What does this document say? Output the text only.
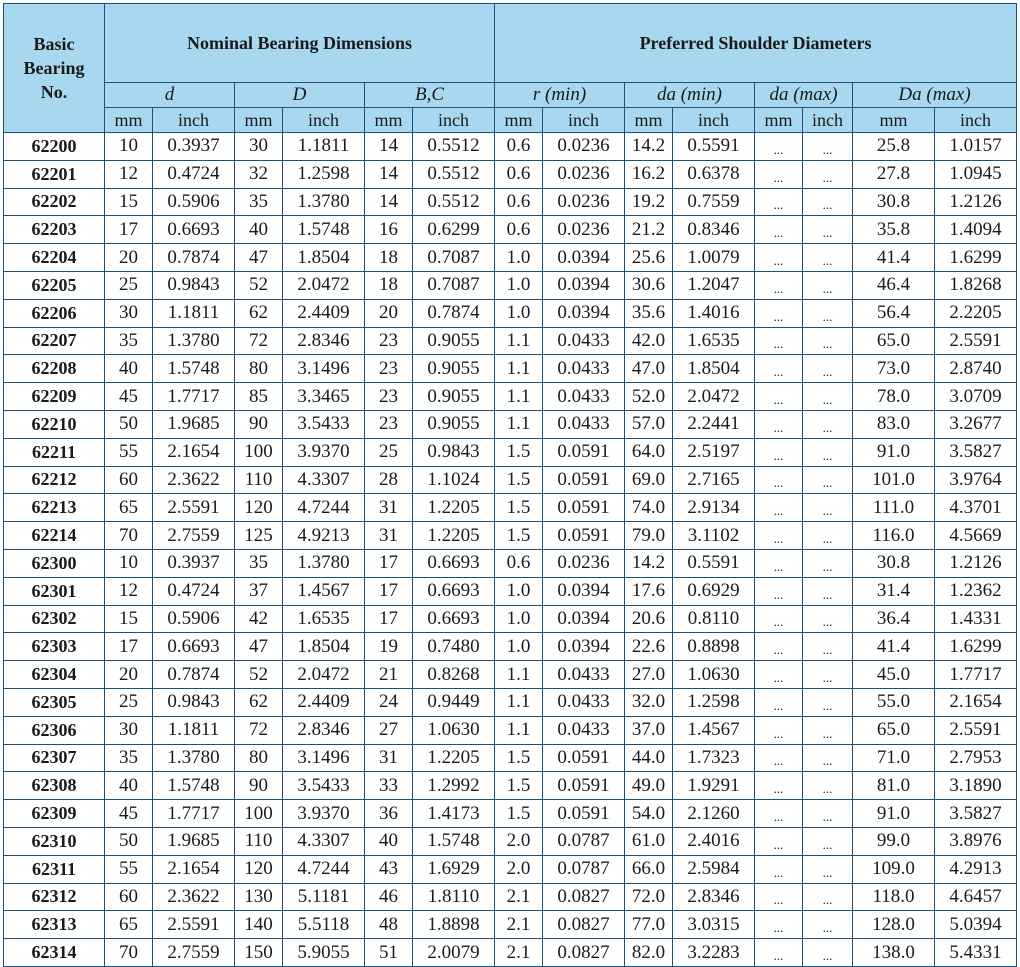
Basic
Bearing
No.	Nominal Bearing Dimensions						Preferred Shoulder Diameters							
	d		D		B,C		r (min)		da (min)		da (max)		Da (max)	
	mm	inch	mm	inch	mm	inch	mm	inch	mm	inch	mm	inch	mm	inch
62200	10	0.3937	30	1.1811	14	0.5512	0.6	0.0236	14.2	0.5591	...	...	25.8	1.0157
62201	12	0.4724	32	1.2598	14	0.5512	0.6	0.0236	16.2	0.6378	...	...	27.8	1.0945
62202	15	0.5906	35	1.3780	14	0.5512	0.6	0.0236	19.2	0.7559	...	...	30.8	1.2126
62203	17	0.6693	40	1.5748	16	0.6299	0.6	0.0236	21.2	0.8346	...	...	35.8	1.4094
62204	20	0.7874	47	1.8504	18	0.7087	1.0	0.0394	25.6	1.0079	...	...	41.4	1.6299
62205	25	0.9843	52	2.0472	18	0.7087	1.0	0.0394	30.6	1.2047	...	...	46.4	1.8268
62206	30	1.1811	62	2.4409	20	0.7874	1.0	0.0394	35.6	1.4016	...	...	56.4	2.2205
62207	35	1.3780	72	2.8346	23	0.9055	1.1	0.0433	42.0	1.6535	...	...	65.0	2.5591
62208	40	1.5748	80	3.1496	23	0.9055	1.1	0.0433	47.0	1.8504	...	...	73.0	2.8740
62209	45	1.7717	85	3.3465	23	0.9055	1.1	0.0433	52.0	2.0472	...	...	78.0	3.0709
62210	50	1.9685	90	3.5433	23	0.9055	1.1	0.0433	57.0	2.2441	...	...	83.0	3.2677
62211	55	2.1654	100	3.9370	25	0.9843	1.5	0.0591	64.0	2.5197	...	...	91.0	3.5827
62212	60	2.3622	110	4.3307	28	1.1024	1.5	0.0591	69.0	2.7165	...	...	101.0	3.9764
62213	65	2.5591	120	4.7244	31	1.2205	1.5	0.0591	74.0	2.9134	...	...	111.0	4.3701
62214	70	2.7559	125	4.9213	31	1.2205	1.5	0.0591	79.0	3.1102	...	...	116.0	4.5669
62300	10	0.3937	35	1.3780	17	0.6693	0.6	0.0236	14.2	0.5591	...	...	30.8	1.2126
62301	12	0.4724	37	1.4567	17	0.6693	1.0	0.0394	17.6	0.6929	...	...	31.4	1.2362
62302	15	0.5906	42	1.6535	17	0.6693	1.0	0.0394	20.6	0.8110	...	...	36.4	1.4331
62303	17	0.6693	47	1.8504	19	0.7480	1.0	0.0394	22.6	0.8898	...	...	41.4	1.6299
62304	20	0.7874	52	2.0472	21	0.8268	1.1	0.0433	27.0	1.0630	...	...	45.0	1.7717
62305	25	0.9843	62	2.4409	24	0.9449	1.1	0.0433	32.0	1.2598	...	...	55.0	2.1654
62306	30	1.1811	72	2.8346	27	1.0630	1.1	0.0433	37.0	1.4567	...	...	65.0	2.5591
62307	35	1.3780	80	3.1496	31	1.2205	1.5	0.0591	44.0	1.7323	...	...	71.0	2.7953
62308	40	1.5748	90	3.5433	33	1.2992	1.5	0.0591	49.0	1.9291	...	...	81.0	3.1890
62309	45	1.7717	100	3.9370	36	1.4173	1.5	0.0591	54.0	2.1260	...	...	91.0	3.5827
62310	50	1.9685	110	4.3307	40	1.5748	2.0	0.0787	61.0	2.4016	...	...	99.0	3.8976
62311	55	2.1654	120	4.7244	43	1.6929	2.0	0.0787	66.0	2.5984	...	...	109.0	4.2913
62312	60	2.3622	130	5.1181	46	1.8110	2.1	0.0827	72.0	2.8346	...	...	118.0	4.6457
62313	65	2.5591	140	5.5118	48	1.8898	2.1	0.0827	77.0	3.0315	...	...	128.0	5.0394
62314	70	2.7559	150	5.9055	51	2.0079	2.1	0.0827	82.0	3.2283	...	...	138.0	5.4331
